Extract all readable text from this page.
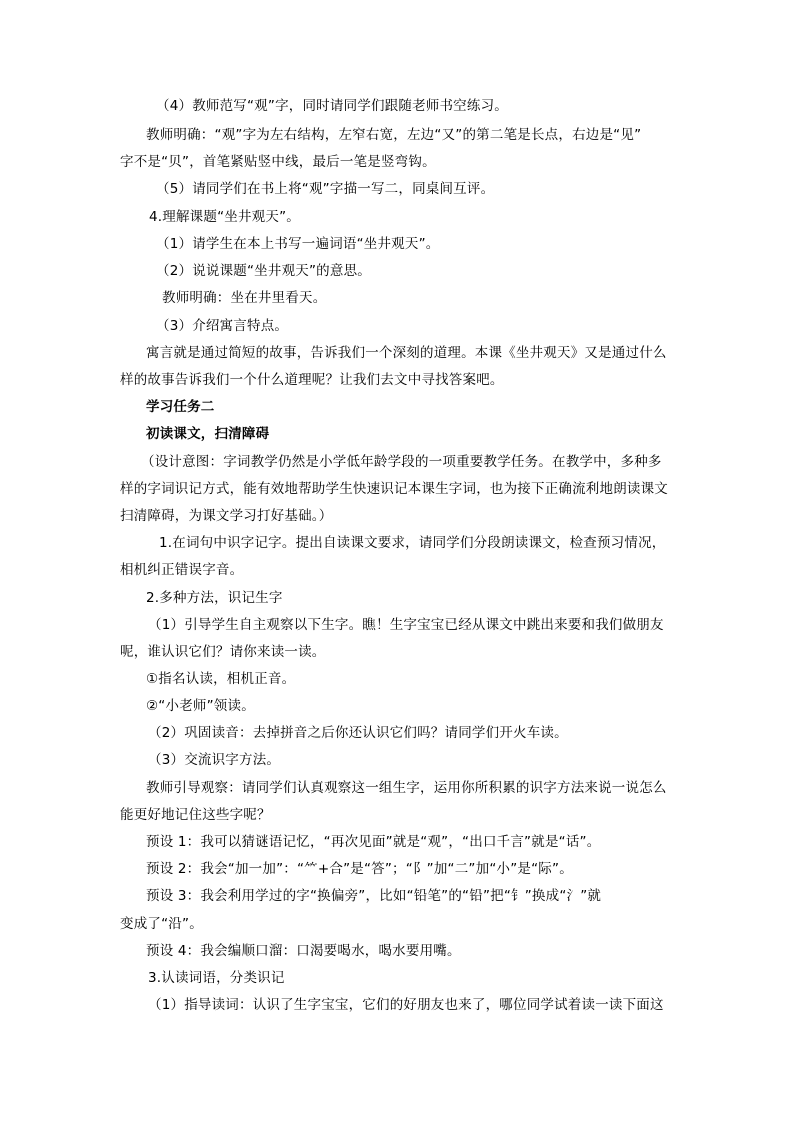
（4）教师范写“观”字，同时请同学们跟随老师书空练习。
教师明确：“观”字为左右结构，左窄右宽，左边“又”的第二笔是长点，右边是“见”
字不是“贝”，首笔紧贴竖中线，最后一笔是竖弯钩。
（5）请同学们在书上将“观”字描一写二，同桌间互评。
4.理解课题“坐井观天”。
（1）请学生在本上书写一遍词语“坐井观天”。
（2）说说课题“坐井观天”的意思。
教师明确：坐在井里看天。
（3）介绍寓言特点。
寓言就是通过简短的故事，告诉我们一个深刻的道理。本课《坐井观天》又是通过什么
样的故事告诉我们一个什么道理呢？让我们去文中寻找答案吧。
学习任务二
初读课文，扫清障碍
（设计意图：字词教学仍然是小学低年龄学段的一项重要教学任务。在教学中，多种多
样的字词识记方式，能有效地帮助学生快速识记本课生字词，也为接下正确流利地朗读课文
扫清障碍，为课文学习打好基础。）
1.在词句中识字记字。提出自读课文要求，请同学们分段朗读课文，检查预习情况，
相机纠正错误字音。
2.多种方法，识记生字
（1）引导学生自主观察以下生字。瞧！生字宝宝已经从课文中跳出来要和我们做朋友
呢，谁认识它们？请你来读一读。
①指名认读，相机正音。
②“小老师”领读。
（2）巩固读音：去掉拼音之后你还认识它们吗？请同学们开火车读。
（3）交流识字方法。
教师引导观察：请同学们认真观察这一组生字，运用你所积累的识字方法来说一说怎么
能更好地记住这些字呢？
预设 1：我可以猜谜语记忆，“再次见面”就是“观”，“出口千言”就是“话”。
预设 2：我会“加一加”：“⺮+合”是“答”；“阝”加“二”加“小”是“际”。
预设 3：我会利用学过的字“换偏旁”，比如“铅笔”的“铅”把“钅”换成“氵”就
变成了“沿”。
预设 4：我会编顺口溜：口渴要喝水，喝水要用嘴。
3.认读词语，分类识记
（1）指导读词：认识了生字宝宝，它们的好朋友也来了，哪位同学试着读一读下面这
